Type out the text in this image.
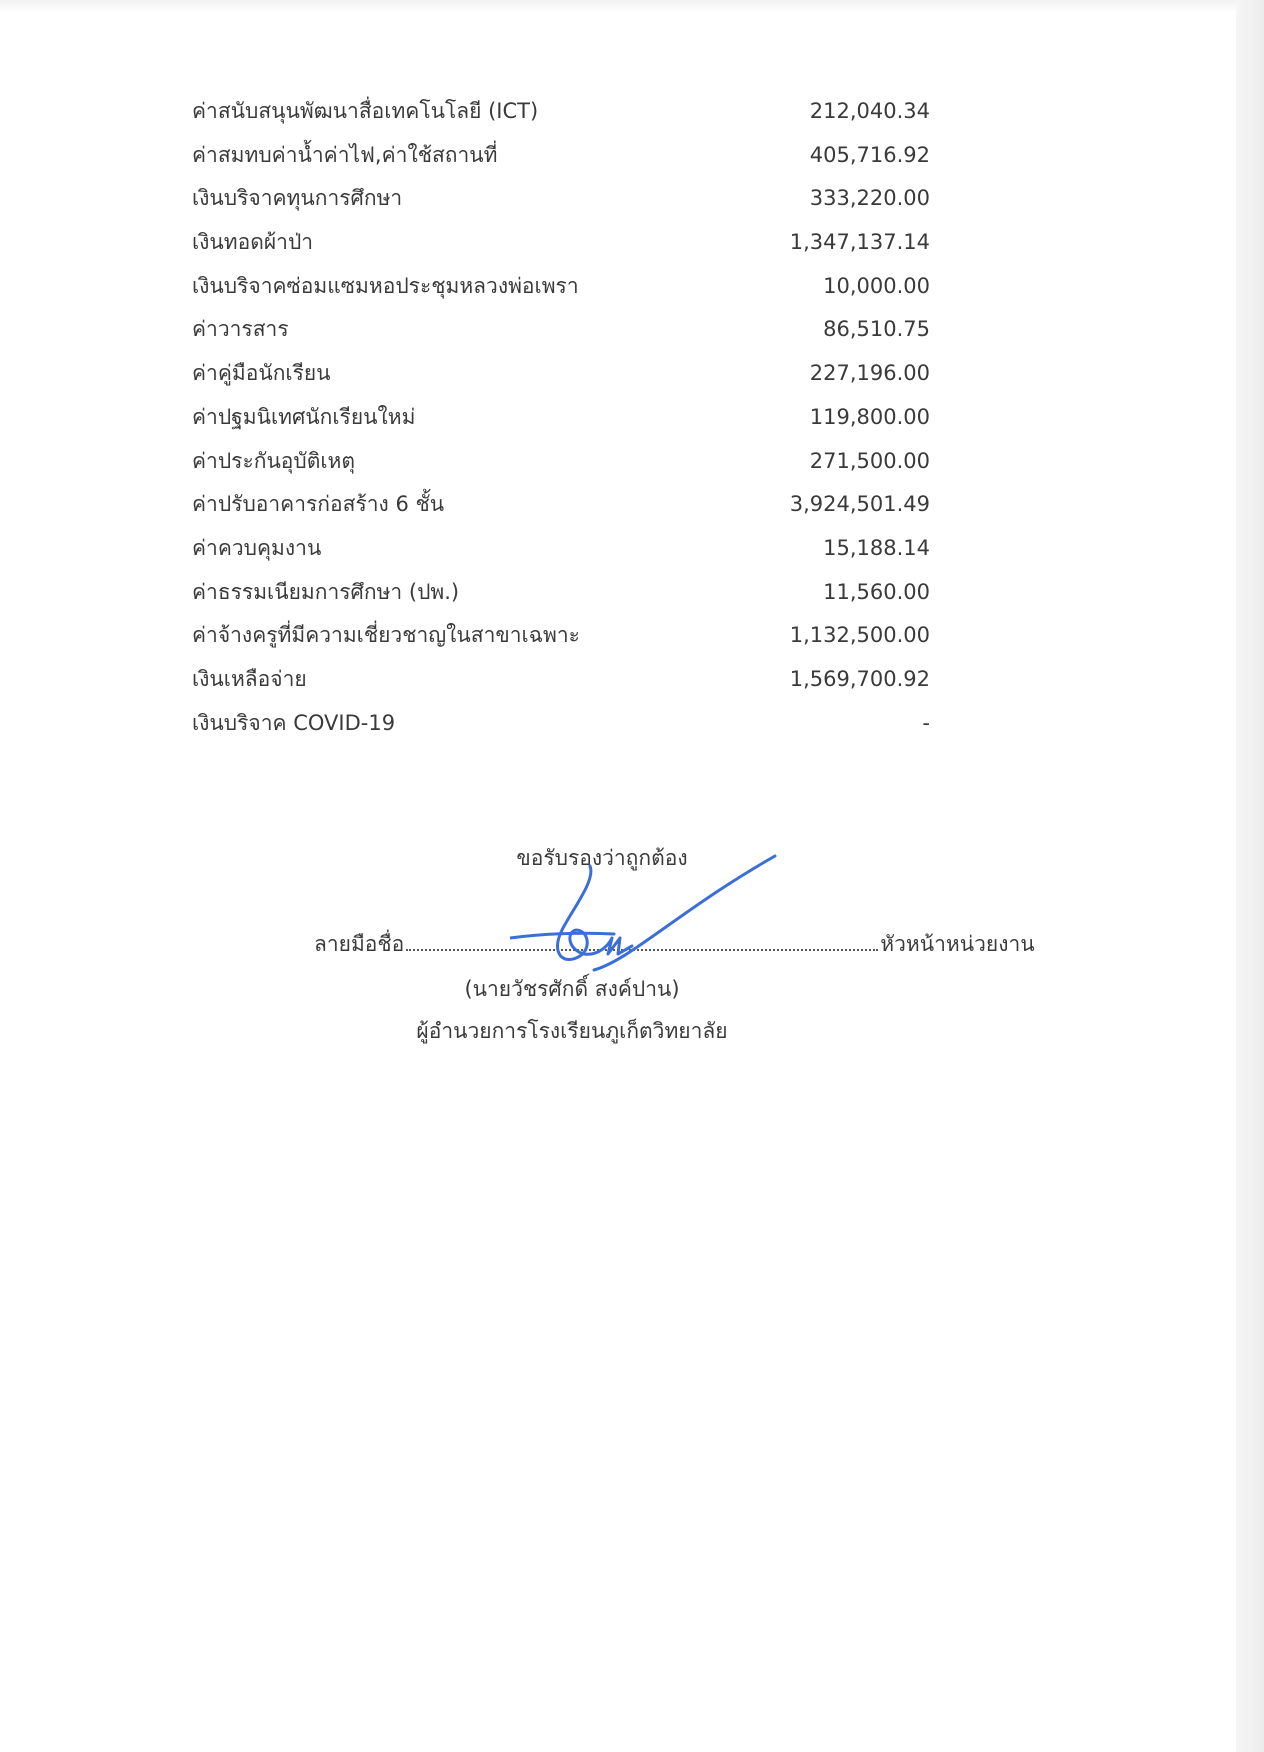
ค่าสนับสนุนพัฒนาสื่อเทคโนโลยี (ICT)	212,040.34
ค่าสมทบค่าน้ำค่าไฟ,ค่าใช้สถานที่	405,716.92
เงินบริจาคทุนการศึกษา	333,220.00
เงินทอดผ้าป่า	1,347,137.14
เงินบริจาคซ่อมแซมหอประชุมหลวงพ่อเพรา	10,000.00
ค่าวารสาร	86,510.75
ค่าคู่มือนักเรียน	227,196.00
ค่าปฐมนิเทศนักเรียนใหม่	119,800.00
ค่าประกันอุบัติเหตุ	271,500.00
ค่าปรับอาคารก่อสร้าง 6 ชั้น	3,924,501.49
ค่าควบคุมงาน	15,188.14
ค่าธรรมเนียมการศึกษา (ปพ.)	11,560.00
ค่าจ้างครูที่มีความเชี่ยวชาญในสาขาเฉพาะ	1,132,500.00
เงินเหลือจ่าย	1,569,700.92
เงินบริจาค COVID-19	-
ขอรับรองว่าถูกต้อง
ลายมือชื่อ	หัวหน้าหน่วยงาน
(นายวัชรศักดิ์ สงค์ปาน)
ผู้อำนวยการโรงเรียนภูเก็ตวิทยาลัย
